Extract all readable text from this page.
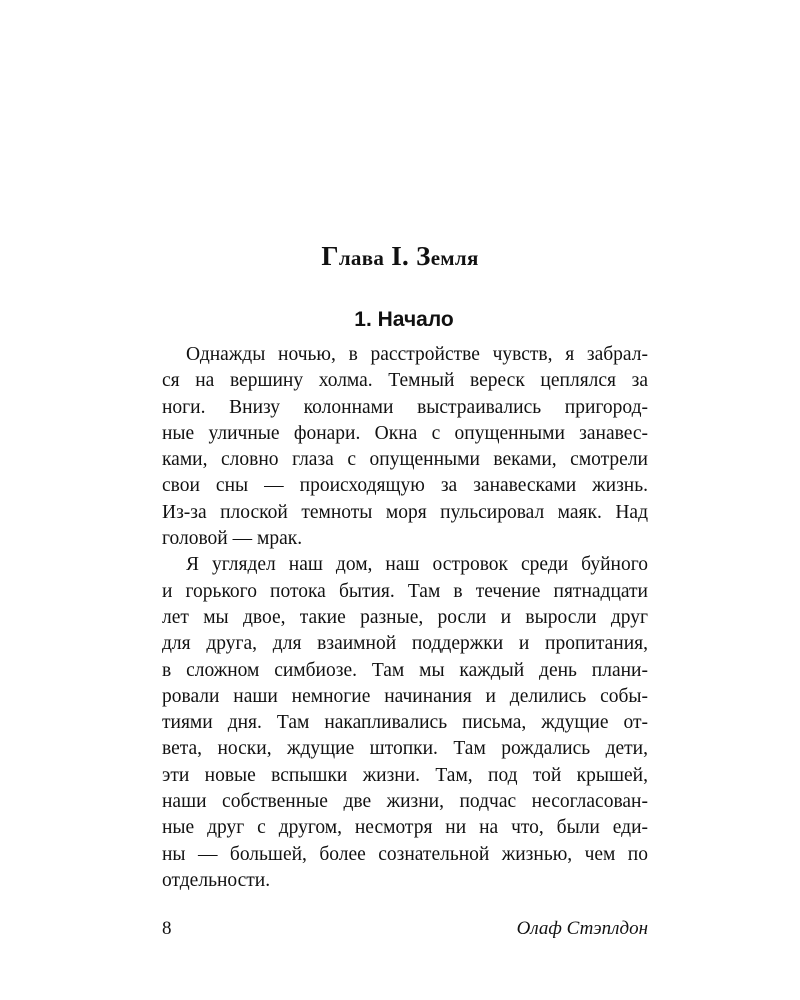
Глава I. Земля
1. Начало
Однажды ночью, в расстройстве чувств, я забрал-
ся на вершину холма. Темный вереск цеплялся за
ноги. Внизу колоннами выстраивались пригород-
ные уличные фонари. Окна с опущенными занавес-
ками, словно глаза с опущенными веками, смотрели
свои сны — происходящую за занавесками жизнь.
Из-за плоской темноты моря пульсировал маяк. Над
головой — мрак.
Я углядел наш дом, наш островок среди буйного
и горького потока бытия. Там в течение пятнадцати
лет мы двое, такие разные, росли и выросли друг
для друга, для взаимной поддержки и пропитания,
в сложном симбиозе. Там мы каждый день плани-
ровали наши немногие начинания и делились собы-
тиями дня. Там накапливались письма, ждущие от-
вета, носки, ждущие штопки. Там рождались дети,
эти новые вспышки жизни. Там, под той крышей,
наши собственные две жизни, подчас несогласован-
ные друг с другом, несмотря ни на что, были еди-
ны — большей, более сознательной жизнью, чем по
отдельности.
8	Олаф Стэплдон
